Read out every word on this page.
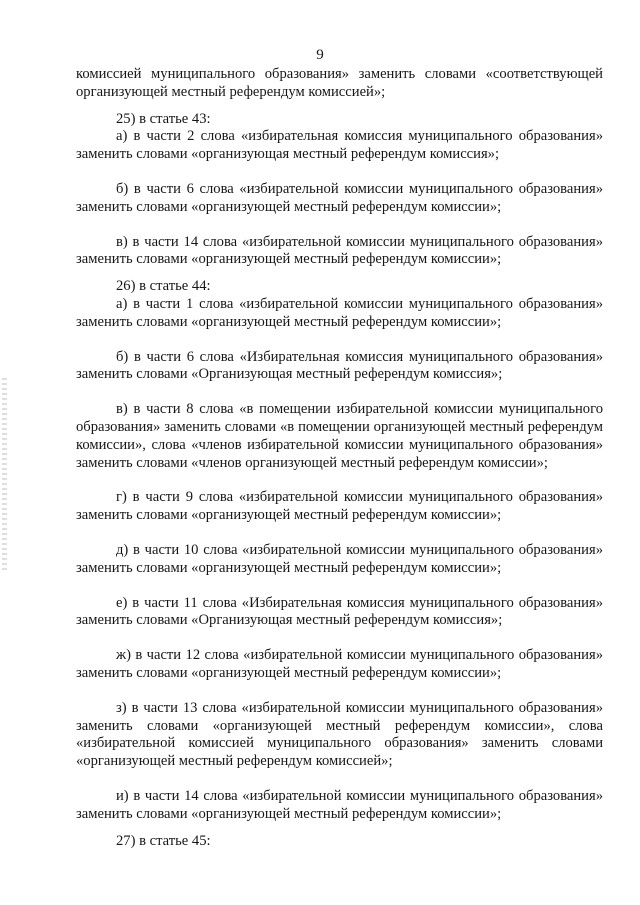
9

комиссией муниципального образования» заменить словами «соответствующей организующей местный референдум комиссией»;

25) в статье 43:

а) в части 2 слова «избирательная комиссия муниципального образования» заменить словами «организующая местный референдум комиссия»;

б) в части 6 слова «избирательной комиссии муниципального образования» заменить словами «организующей местный референдум комиссии»;

в) в части 14 слова «избирательной комиссии муниципального образования» заменить словами «организующей местный референдум комиссии»;

26) в статье 44:

а) в части 1 слова «избирательной комиссии муниципального образования» заменить словами «организующей местный референдум комиссии»;

б) в части 6 слова «Избирательная комиссия муниципального образования» заменить словами «Организующая местный референдум комиссия»;

в) в части 8 слова «в помещении избирательной комиссии муниципального образования» заменить словами «в помещении организующей местный референдум комиссии», слова «членов избирательной комиссии муниципального образования» заменить словами «членов организующей местный референдум комиссии»;

г) в части 9 слова «избирательной комиссии муниципального образования» заменить словами «организующей местный референдум комиссии»;

д) в части 10 слова «избирательной комиссии муниципального образования» заменить словами «организующей местный референдум комиссии»;

е) в части 11 слова «Избирательная комиссия муниципального образования» заменить словами «Организующая местный референдум комиссия»;

ж) в части 12 слова «избирательной комиссии муниципального образования» заменить словами «организующей местный референдум комиссии»;

з) в части 13 слова «избирательной комиссии муниципального образования» заменить словами «организующей местный референдум комиссии», слова «избирательной комиссией муниципального образования» заменить словами «организующей местный референдум комиссией»;

и) в части 14 слова «избирательной комиссии муниципального образования» заменить словами «организующей местный референдум комиссии»;

27) в статье 45:
